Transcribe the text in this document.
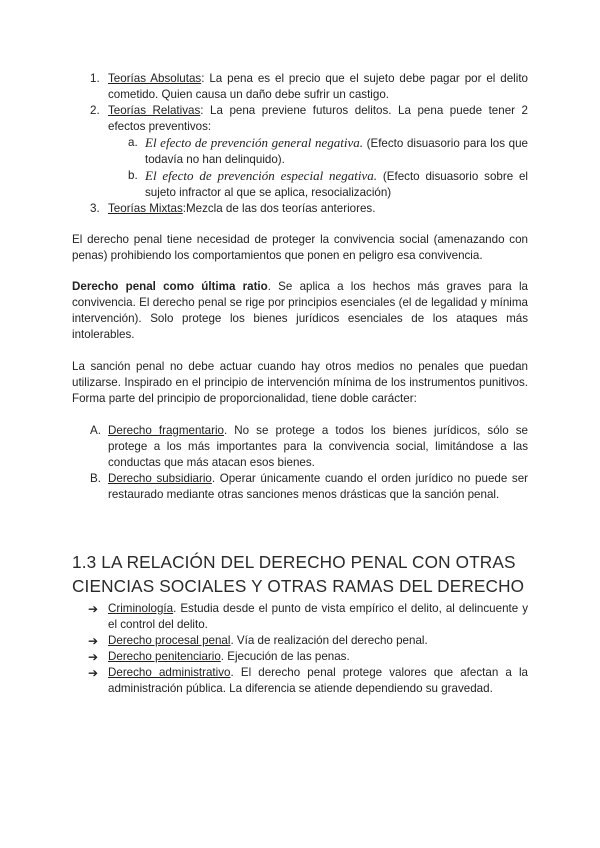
1. Teorías Absolutas: La pena es el precio que el sujeto debe pagar por el delito cometido. Quien causa un daño debe sufrir un castigo.
2. Teorías Relativas: La pena previene futuros delitos. La pena puede tener 2 efectos preventivos:
a. El efecto de prevención general negativa. (Efecto disuasorio para los que todavía no han delinquido).
b. El efecto de prevención especial negativa. (Efecto disuasorio sobre el sujeto infractor al que se aplica, resocialización)
3. Teorías Mixtas:Mezcla de las dos teorías anteriores.

El derecho penal tiene necesidad de proteger la convivencia social (amenazando con penas) prohibiendo los comportamientos que ponen en peligro esa convivencia.

Derecho penal como última ratio. Se aplica a los hechos más graves para la convivencia. El derecho penal se rige por principios esenciales (el de legalidad y mínima intervención). Solo protege los bienes jurídicos esenciales de los ataques más intolerables.

La sanción penal no debe actuar cuando hay otros medios no penales que puedan utilizarse. Inspirado en el principio de intervención mínima de los instrumentos punitivos. Forma parte del principio de proporcionalidad, tiene doble carácter:

A. Derecho fragmentario. No se protege a todos los bienes jurídicos, sólo se protege a los más importantes para la convivencia social, limitándose a las conductas que más atacan esos bienes.
B. Derecho subsidiario. Operar únicamente cuando el orden jurídico no puede ser restaurado mediante otras sanciones menos drásticas que la sanción penal.
1.3 LA RELACIÓN DEL DERECHO PENAL CON OTRAS
CIENCIAS SOCIALES Y OTRAS RAMAS DEL DERECHO
➔ Criminología. Estudia desde el punto de vista empírico el delito, al delincuente y el control del delito.
➔ Derecho procesal penal. Vía de realización del derecho penal.
➔ Derecho penitenciario. Ejecución de las penas.
➔ Derecho administrativo. El derecho penal protege valores que afectan a la administración pública. La diferencia se atiende dependiendo su gravedad.
